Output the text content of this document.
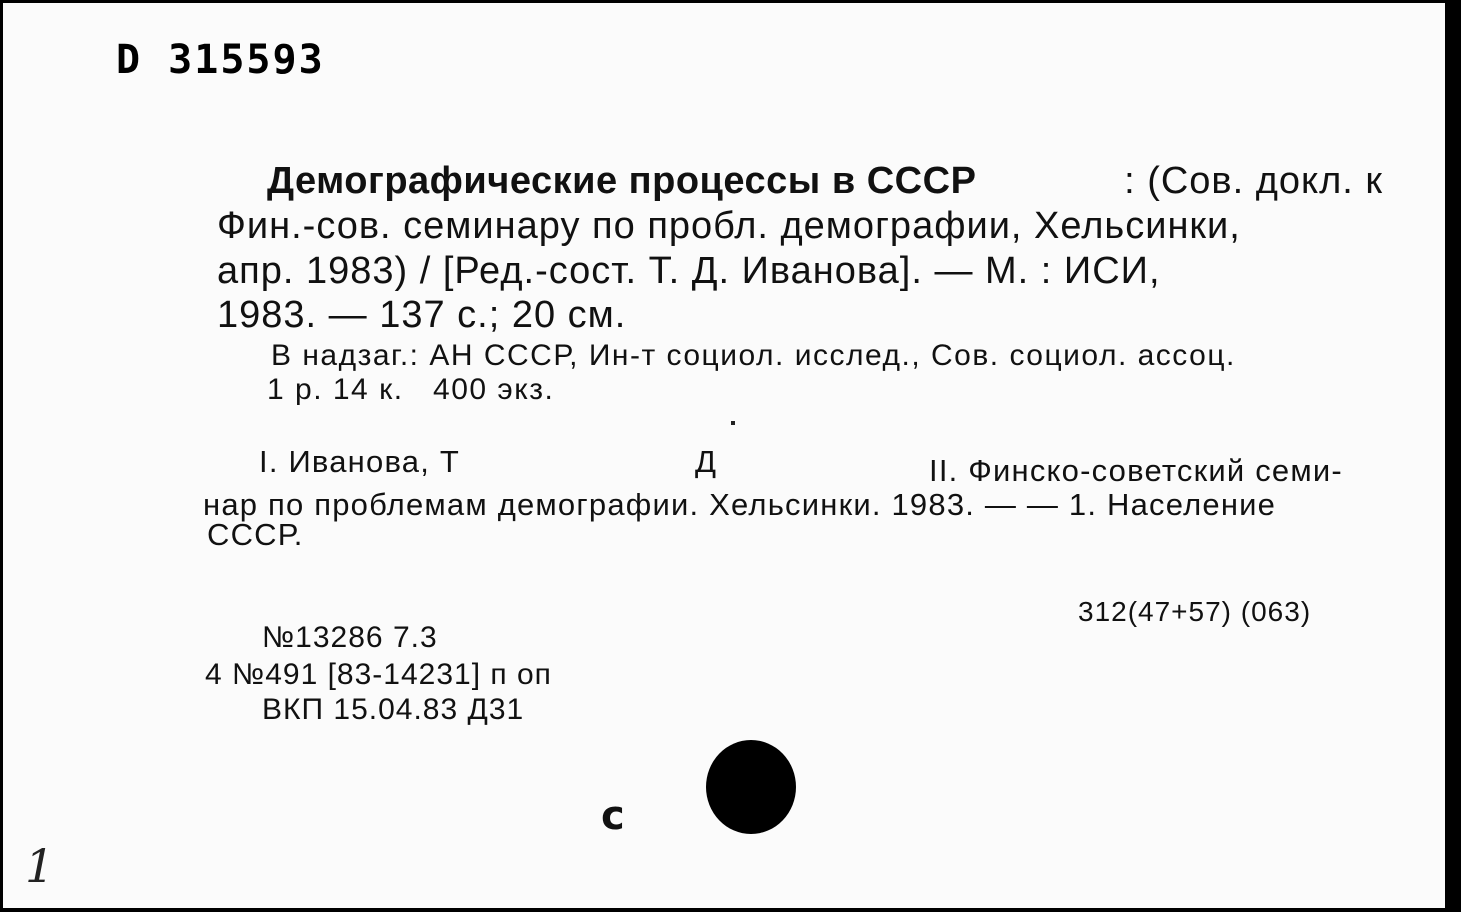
D 315593
Демографические процессы в СССР	: (Сов. докл. к
Фин.-сов. семинару по пробл. демографии, Хельсинки,
апр. 1983) / [Ред.-сост. Т. Д. Иванова]. — М. : ИСИ,
1983. — 137 с.; 20 см.
В надзаг.: АН СССР, Ин-т социол. исслед., Сов. социол. ассоц.
1 р. 14 к.   400 экз.
I. Иванова, Т	Д	II. Финско-советский семи-
нар по проблемам демографии. Хельсинки. 1983. — — 1. Население
СССР.
312(47+57) (063)
№13286 7.3
4 №491 [83-14231] п оп
ВКП 15.04.83 Д31
с
1
